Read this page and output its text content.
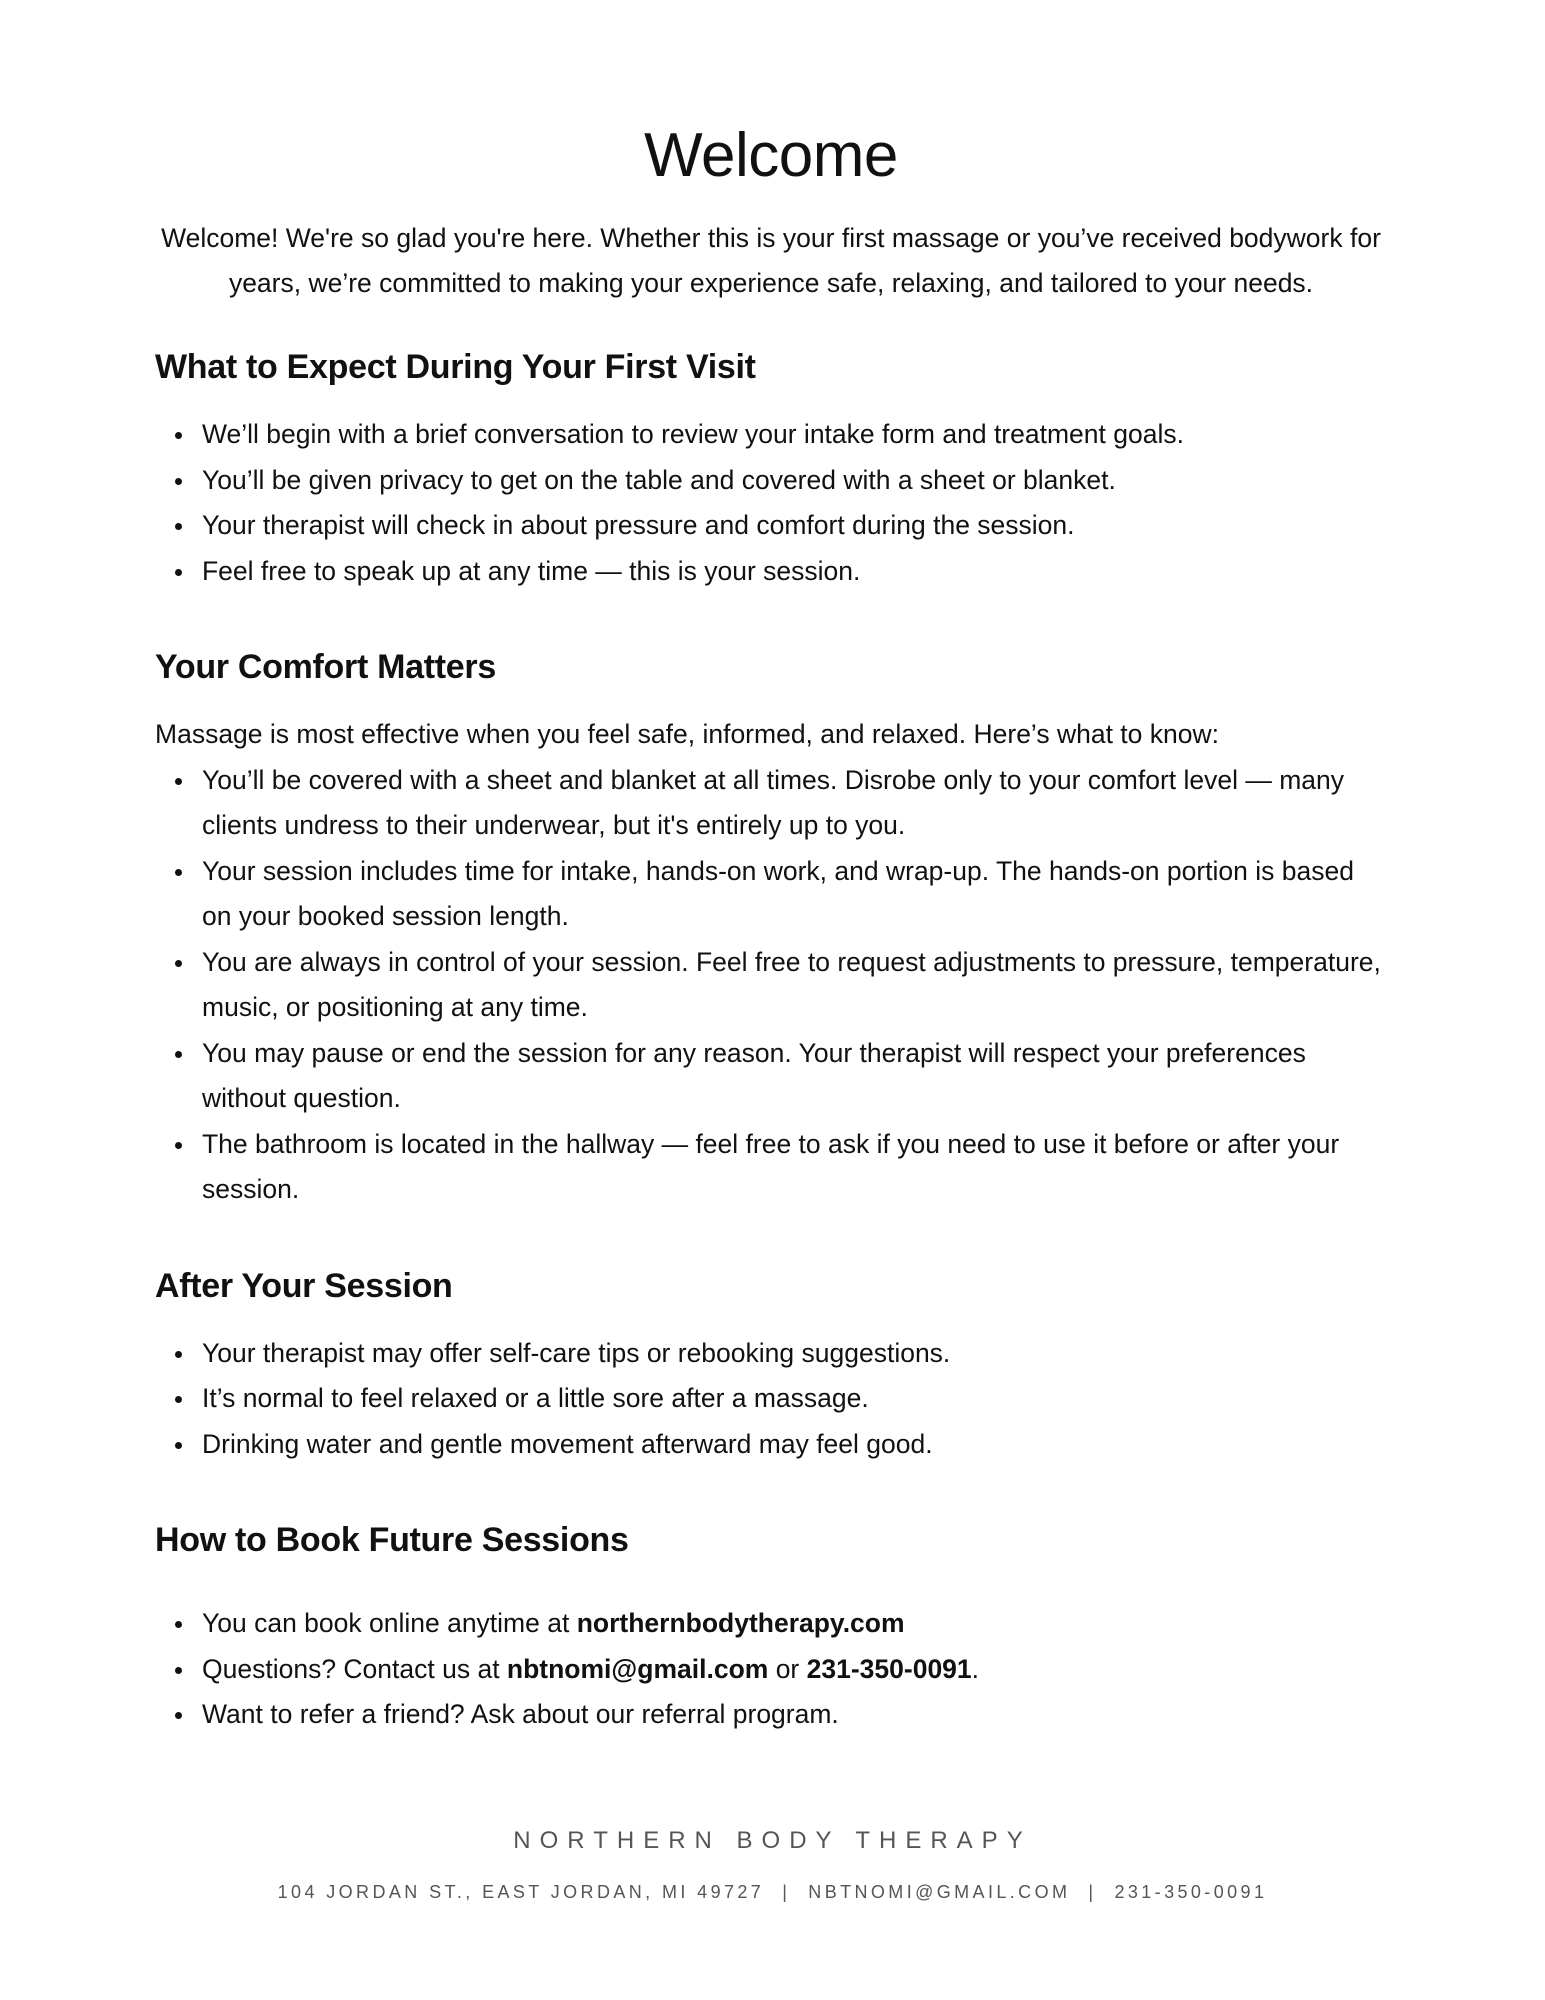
Welcome

Welcome! We're so glad you're here. Whether this is your first massage or you’ve received bodywork for years, we’re committed to making your experience safe, relaxing, and tailored to your needs.

What to Expect During Your First Visit
We’ll begin with a brief conversation to review your intake form and treatment goals.
You’ll be given privacy to get on the table and covered with a sheet or blanket.
Your therapist will check in about pressure and comfort during the session.
Feel free to speak up at any time — this is your session.
Your Comfort Matters

Massage is most effective when you feel safe, informed, and relaxed. Here’s what to know:

You’ll be covered with a sheet and blanket at all times. Disrobe only to your comfort level — many clients undress to their underwear, but it's entirely up to you.
Your session includes time for intake, hands-on work, and wrap-up. The hands-on portion is based on your booked session length.
You are always in control of your session. Feel free to request adjustments to pressure, temperature, music, or positioning at any time.
You may pause or end the session for any reason. Your therapist will respect your preferences without question.
The bathroom is located in the hallway — feel free to ask if you need to use it before or after your session.
After Your Session
Your therapist may offer self-care tips or rebooking suggestions.
It’s normal to feel relaxed or a little sore after a massage.
Drinking water and gentle movement afterward may feel good.
How to Book Future Sessions
You can book online anytime at northernbodytherapy.com
Questions? Contact us at nbtnomi@gmail.com or 231-350-0091.
Want to refer a friend? Ask about our referral program.
NORTHERN BODY THERAPY
104 JORDAN ST., EAST JORDAN, MI 49727 | NBTNOMI@GMAIL.COM | 231-350-0091
